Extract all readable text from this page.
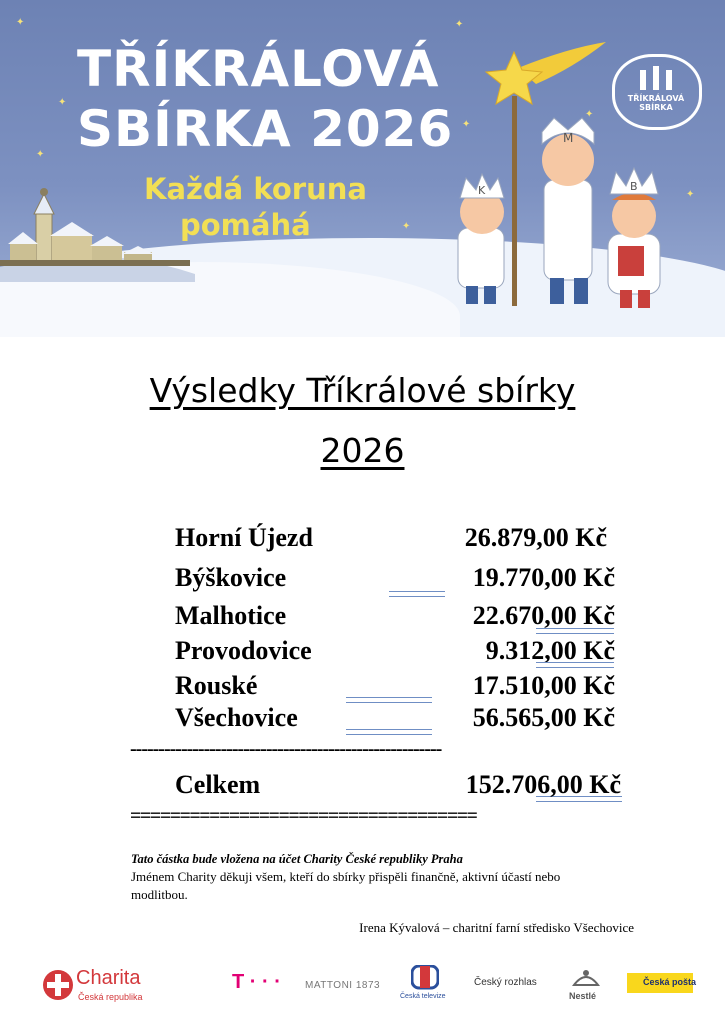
✦
✦
✦
✦
✦
✦
✦
✦
TŘÍKRÁLOVÁ
SBÍRKA 2026
Každá koruna
pomáhá
M
K	B
TŘÍKRÁLOVÁ
SBÍRKA
Výsledky Tříkrálové sbírky
2026
Horní Újezd	26.879,00 Kč
Býškovice	19.770,00 Kč
Malhotice	22.670,00 Kč
Provodovice	9.312,00 Kč
Rouské	17.510,00 Kč
Všechovice	56.565,00 Kč
-------------------------------------------------------
Celkem	152.706,00 Kč
===================================
Tato částka bude vložena na účet Charity České republiky Praha
Jménem Charity děkuji všem, kteří do sbírky přispěli finančně, aktivní účastí nebo modlitbou.
Irena Kývalová – charitní farní středisko Všechovice
Charita
Česká republika
T · · · MATTONI 1873
Česká televize
Český rozhlas
Nestlé
Česká pošta
